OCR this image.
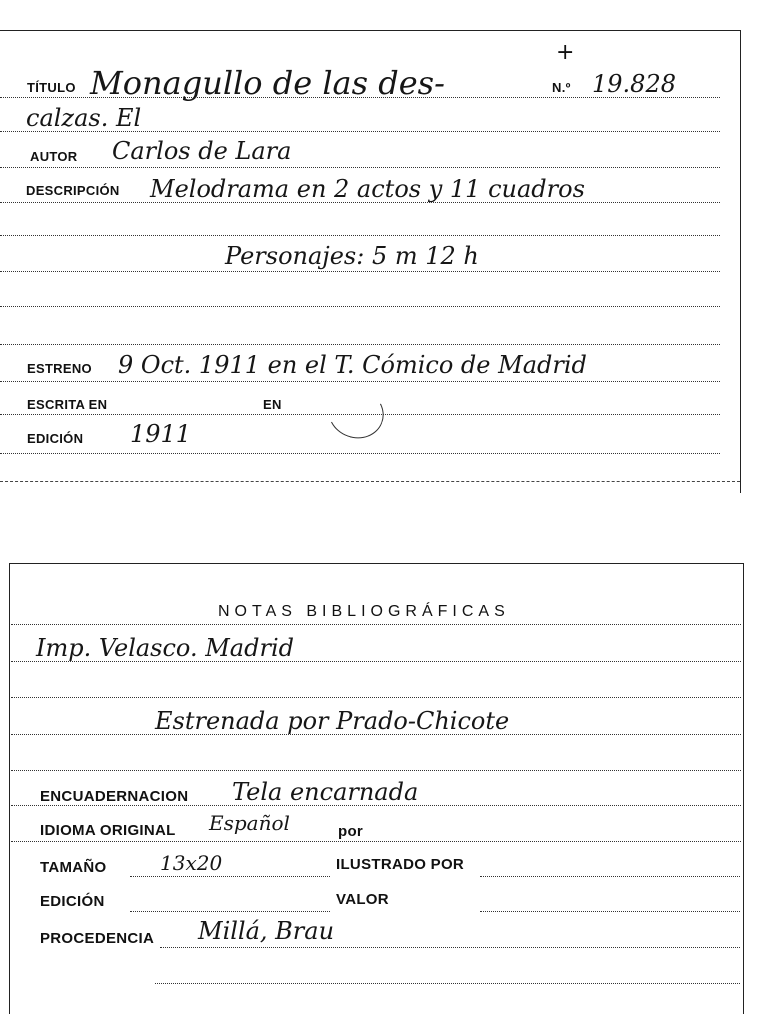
+
TÍTULO Monagullo de las des-	N.º 19.828
calzas. El
AUTOR Carlos de Lara
DESCRIPCIÓN Melodrama en 2 actos y 11 cuadros
Personajes: 5 m 12 h
ESTRENO 9 Oct. 1911 en el T. Cómico de Madrid
ESCRITA EN	EN
EDICIÓN 1911
NOTAS BIBLIOGRÁFICAS
Imp. Velasco. Madrid
Estrenada por Prado-Chicote
ENCUADERNACION Tela encarnada
IDIOMA ORIGINAL Español	por
TAMAÑO	13x20	ILUSTRADO POR
EDICIÓN	VALOR
PROCEDENCIA Millá, Brau
